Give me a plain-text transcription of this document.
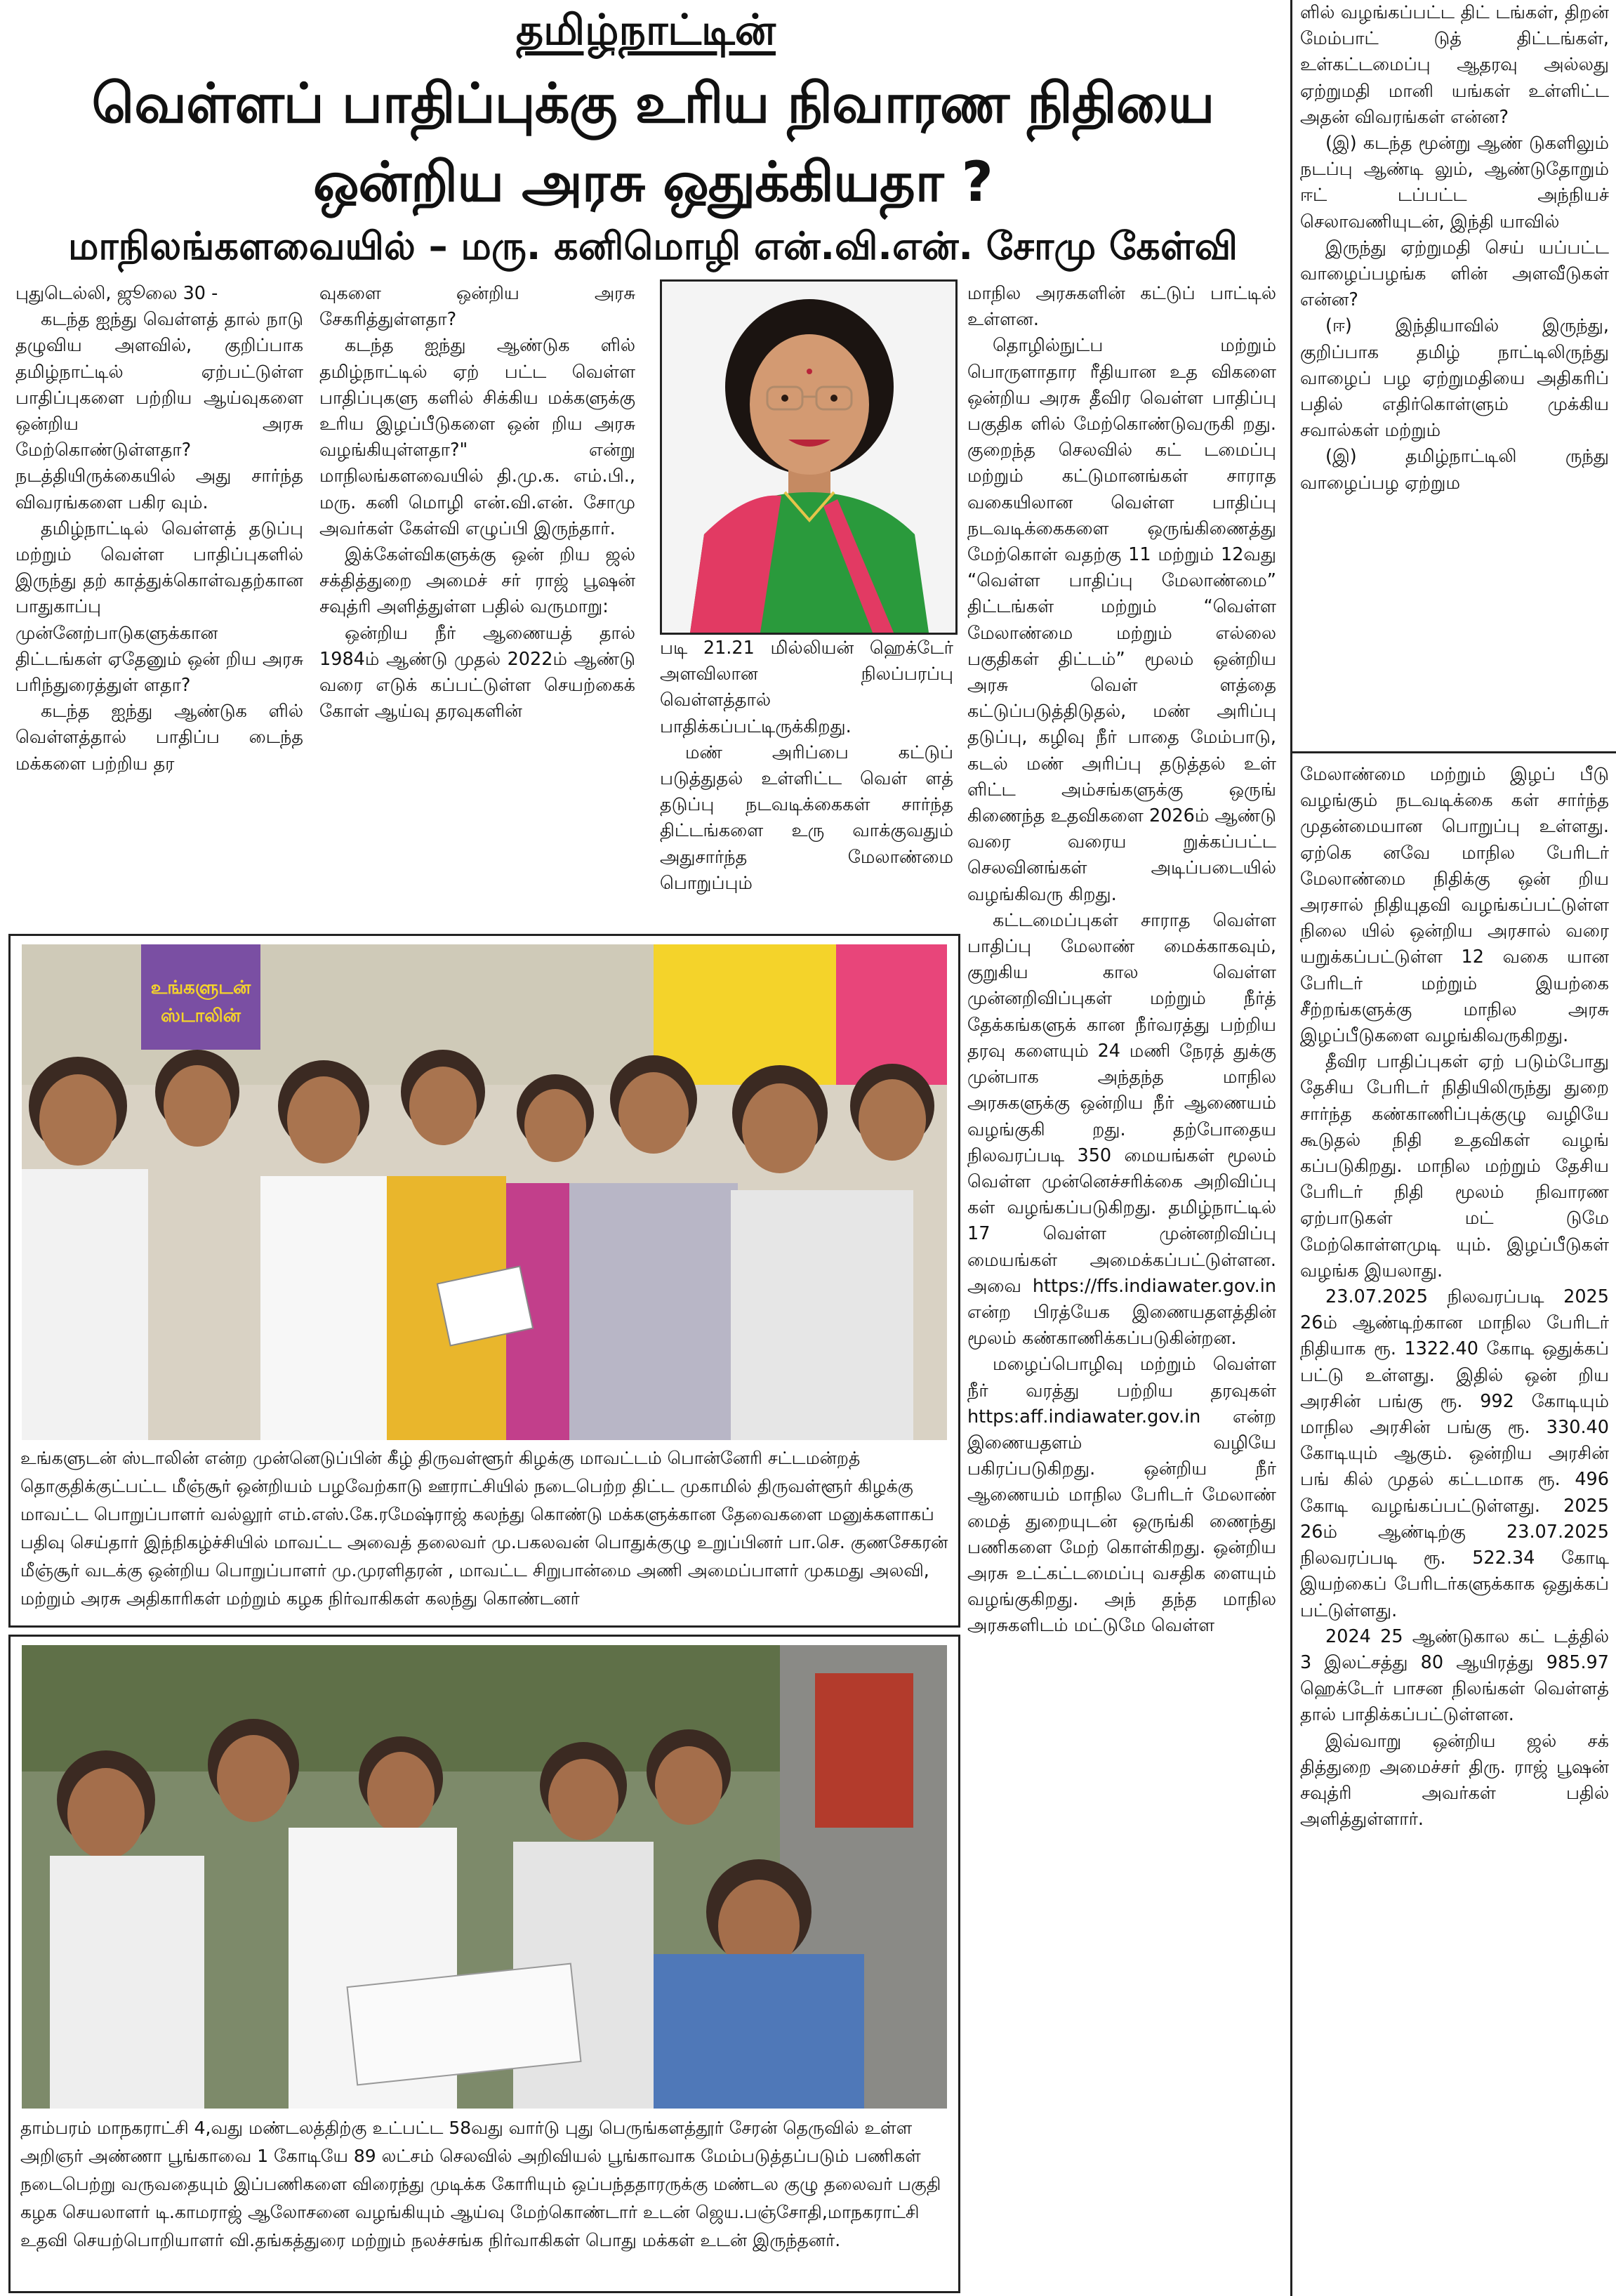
தமிழ்நாட்டின்
வெள்ளப் பாதிப்புக்கு உரிய நிவாரண நிதியை ஒன்றிய அரசு ஒதுக்கியதா ?
மாநிலங்களவையில் – மரு. கனிமொழி என்.வி.என். சோமு கேள்வி

புதுடெல்லி, ஜூலை 30 -

கடந்த ஐந்து வெள்ளத் தால் நாடு தழுவிய அளவில், குறிப்பாக தமிழ்நாட்டில் ஏற்பட்டுள்ள பாதிப்புகளை பற்றிய ஆய்வுகளை ஒன்றிய அரசு மேற்கொண்டுள்ளதா? நடத்தியிருக்கையில் அது சார்ந்த விவரங்களை பகிர வும்.

தமிழ்நாட்டில் வெள்ளத் தடுப்பு மற்றும் வெள்ள பாதிப்புகளில் இருந்து தற் காத்துக்கொள்வதற்கான பாதுகாப்பு முன்னேற்பாடுகளுக்கான திட்டங்கள் ஏதேனும் ஒன் றிய அரசு பரிந்துரைத்துள் ளதா?

கடந்த ஐந்து ஆண்டுக ளில் வெள்ளத்தால் பாதிப்ப டைந்த மக்களை பற்றிய தர

வுகளை ஒன்றிய அரசு சேகரித்துள்ளதா?

கடந்த ஐந்து ஆண்டுக ளில் தமிழ்நாட்டில் ஏற் பட்ட வெள்ள பாதிப்புகளு களில் சிக்கிய மக்களுக்கு உரிய இழப்பீடுகளை ஒன் றிய அரசு வழங்கியுள்ளதா?" என்று மாநிலங்களவையில் தி.மு.க. எம்.பி., மரு. கனி மொழி என்.வி.என். சோமு அவர்கள் கேள்வி எழுப்பி இருந்தார்.

இக்கேள்விகளுக்கு ஒன் றிய ஜல் சக்தித்துறை அமைச் சர் ராஜ் பூஷன் சவுத்ரி அளித்துள்ள பதில் வருமாறு:

ஒன்றிய நீர் ஆணையத் தால் 1984ம் ஆண்டு முதல் 2022ம் ஆண்டு வரை எடுக் கப்பட்டுள்ள செயற்கைக் கோள் ஆய்வு தரவுகளின்

படி 21.21 மில்லியன் ஹெக்டேர் அளவிலான நிலப்பரப்பு வெள்ளத்தால் பாதிக்கப்பட்டிருக்கிறது.

மண் அரிப்பை கட்டுப் படுத்துதல் உள்ளிட்ட வெள் ளத் தடுப்பு நடவடிக்கைகள் சார்ந்த திட்டங்களை உரு வாக்குவதும் அதுசார்ந்த மேலாண்மை பொறுப்பும்

மாநில அரசுகளின் கட்டுப் பாட்டில் உள்ளன.

தொழில்நுட்ப மற்றும் பொருளாதார ரீதியான உத விகளை ஒன்றிய அரசு தீவிர வெள்ள பாதிப்பு பகுதிக ளில் மேற்கொண்டுவருகி றது. குறைந்த செலவில் கட் டமைப்பு மற்றும் கட்டுமானங்கள் சாராத வகையிலான வெள்ள பாதிப்பு நடவடிக்கைகளை ஒருங்கிணைத்து மேற்கொள் வதற்கு 11 மற்றும் 12வது “வெள்ள பாதிப்பு மேலாண்மை” திட்டங்கள் மற்றும் “வெள்ள மேலாண்மை மற்றும் எல்லை பகுதிகள் திட்டம்” மூலம் ஒன்றிய அரசு வெள் ளத்தை கட்டுப்படுத்திடுதல், மண் அரிப்பு தடுப்பு, கழிவு நீர் பாதை மேம்பாடு, கடல் மண் அரிப்பு தடுத்தல் உள் ளிட்ட அம்சங்களுக்கு ஒருங் கிணைந்த உதவிகளை 2026ம் ஆண்டு வரை வரைய றுக்கப்பட்ட செலவினங்கள் அடிப்படையில் வழங்கிவரு கிறது.

கட்டமைப்புகள் சாராத வெள்ள பாதிப்பு மேலாண் மைக்காகவும், குறுகிய கால வெள்ள முன்னறிவிப்புகள் மற்றும் நீர்த் தேக்கங்களுக் கான நீர்வரத்து பற்றிய தரவு களையும் 24 மணி நேரத் துக்கு முன்பாக அந்தந்த மாநில அரசுகளுக்கு ஒன்றிய நீர் ஆணையம் வழங்குகி றது. தற்போதைய நிலவரப்படி 350 மையங்கள் மூலம் வெள்ள முன்னெச்சரிக்கை அறிவிப்பு கள் வழங்கப்படுகிறது. தமிழ்நாட்டில் 17 வெள்ள முன்னறிவிப்பு மையங்கள் அமைக்கப்பட்டுள்ளன. அவை https://ffs.indiawater.gov.in என்ற பிரத்யேக இணையதளத்தின் மூலம் கண்காணிக்கப்படுகின்றன.

மழைப்பொழிவு மற்றும் வெள்ள நீர் வரத்து பற்றிய தரவுகள் https:aff.indiawater.gov.in என்ற இணையதளம் வழியே பகிரப்படுகிறது. ஒன்றிய நீர் ஆணையம் மாநில பேரிடர் மேலாண் மைத் துறையுடன் ஒருங்கி ணைந்து பணிகளை மேற் கொள்கிறது. ஒன்றிய அரசு உட்கட்டமைப்பு வசதிக ளையும் வழங்குகிறது. அந் தந்த மாநில அரசுகளிடம் மட்டுமே வெள்ள

ளில் வழங்கப்பட்ட திட் டங்கள், திறன் மேம்பாட் டுத் திட்டங்கள், உள்கட்டமைப்பு ஆதரவு அல்லது ஏற்றுமதி மானி யங்கள் உள்ளிட்ட அதன் விவரங்கள் என்ன?

(இ) கடந்த மூன்று ஆண் டுகளிலும் நடப்பு ஆண்டி லும், ஆண்டுதோறும் ஈட் டப்பட்ட அந்நியச் செலாவணியுடன், இந்தி யாவில்

இருந்து ஏற்றுமதி செய் யப்பட்ட வாழைப்பழங்க ளின் அளவீடுகள் என்ன?

(ஈ) இந்தியாவில் இருந்து, குறிப்பாக தமிழ் நாட்டிலிருந்து வாழைப் பழ ஏற்றுமதியை அதிகரிப் பதில் எதிர்கொள்ளும் முக்கிய சவால்கள் மற்றும்

(இ) தமிழ்நாட்டிலி ருந்து வாழைப்பழ ஏற்றும

மேலாண்மை மற்றும் இழப் பீடு வழங்கும் நடவடிக்கை கள் சார்ந்த முதன்மையான பொறுப்பு உள்ளது. ஏற்கெ னவே மாநில பேரிடர் மேலாண்மை நிதிக்கு ஒன் றிய அரசால் நிதியுதவி வழங்கப்பட்டுள்ள நிலை யில் ஒன்றிய அரசால் வரை யறுக்கப்பட்டுள்ள 12 வகை யான பேரிடர் மற்றும் இயற்கை சீற்றங்களுக்கு மாநில அரசு இழப்பீடுகளை வழங்கிவருகிறது.

தீவிர பாதிப்புகள் ஏற் படும்போது தேசிய பேரிடர் நிதியிலிருந்து துறை சார்ந்த கண்காணிப்புக்குழு வழியே கூடுதல் நிதி உதவிகள் வழங் கப்படுகிறது. மாநில மற்றும் தேசிய பேரிடர் நிதி மூலம் நிவாரண ஏற்பாடுகள் மட் டுமே மேற்கொள்ளமுடி யும். இழப்பீடுகள் வழங்க இயலாது.

23.07.2025 நிலவரப்படி 2025 26ம் ஆண்டிற்கான மாநில பேரிடர் நிதியாக ரூ. 1322.40 கோடி ஒதுக்கப் பட்டு உள்ளது. இதில் ஒன் றிய அரசின் பங்கு ரூ. 992 கோடியும் மாநில அரசின் பங்கு ரூ. 330.40 கோடியும் ஆகும். ஒன்றிய அரசின் பங் கில் முதல் கட்டமாக ரூ. 496 கோடி வழங்கப்பட்டுள்ளது. 2025 26ம் ஆண்டிற்கு 23.07.2025 நிலவரப்படி ரூ. 522.34 கோடி இயற்கைப் பேரிடர்களுக்காக ஒதுக்கப் பட்டுள்ளது.

2024 25 ஆண்டுகால கட் டத்தில் 3 இலட்சத்து 80 ஆயிரத்து 985.97 ஹெக்டேர் பாசன நிலங்கள் வெள்ளத் தால் பாதிக்கப்பட்டுள்ளன.

இவ்வாறு ஒன்றிய ஜல் சக் தித்துறை அமைச்சர் திரு. ராஜ் பூஷன் சவுத்ரி அவர்கள் பதில் அளித்துள்ளார்.

உங்களுடன்
ஸ்டாலின்

உங்களுடன் ஸ்டாலின் என்ற முன்னெடுப்பின் கீழ் திருவள்ளூர் கிழக்கு மாவட்டம் பொன்னேரி சட்டமன்றத் தொகுதிக்குட்பட்ட மீஞ்சூர் ஒன்றியம் பழவேற்காடு ஊராட்சியில் நடைபெற்ற திட்ட முகாமில் திருவள்ளூர் கிழக்கு மாவட்ட பொறுப்பாளர் வல்லூர் எம்.எஸ்.கே.ரமேஷ்ராஜ் கலந்து கொண்டு மக்களுக்கான தேவைகளை மனுக்களாகப் பதிவு செய்தார் இந்நிகழ்ச்சியில் மாவட்ட அவைத் தலைவர் மு.பகலவன் பொதுக்குழு உறுப்பினர் பா.செ. குணசேகரன் மீஞ்சூர் வடக்கு ஒன்றிய பொறுப்பாளர் மு.முரளிதரன் , மாவட்ட சிறுபான்மை அணி அமைப்பாளர் முகமது அலவி, மற்றும் அரசு அதிகாரிகள் மற்றும் கழக நிர்வாகிகள் கலந்து கொண்டனர்

தாம்பரம் மாநகராட்சி 4,வது மண்டலத்திற்கு உட்பட்ட 58வது வார்டு புது பெருங்களத்தூர் சேரன் தெருவில் உள்ள அறிஞர் அண்ணா பூங்காவை 1 கோடியே 89 லட்சம் செலவில் அறிவியல் பூங்காவாக மேம்படுத்தப்படும் பணிகள் நடைபெற்று வருவதையும் இப்பணிகளை விரைந்து முடிக்க கோரியும் ஒப்பந்ததாரருக்கு மண்டல குழு தலைவர் பகுதி கழக செயலாளர் டி.காமராஜ் ஆலோசனை வழங்கியும் ஆய்வு மேற்கொண்டார் உடன் ஜெய.பஞ்சோதி,மாநகராட்சி உதவி செயற்பொறியாளர் வி.தங்கத்துரை மற்றும் நலச்சங்க நிர்வாகிகள் பொது மக்கள் உடன் இருந்தனர்.
